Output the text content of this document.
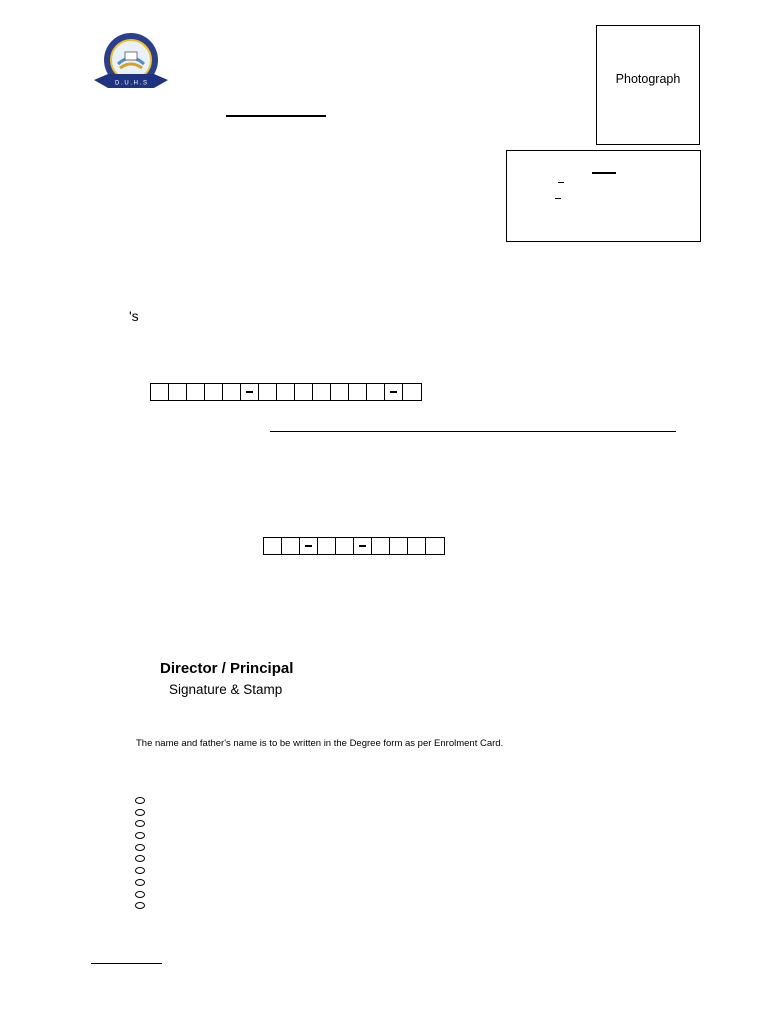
D . U . H . S	Photograph
's
Director / Principal
Signature & Stamp
The name and father's name is to be written in the Degree form as per Enrolment Card.
